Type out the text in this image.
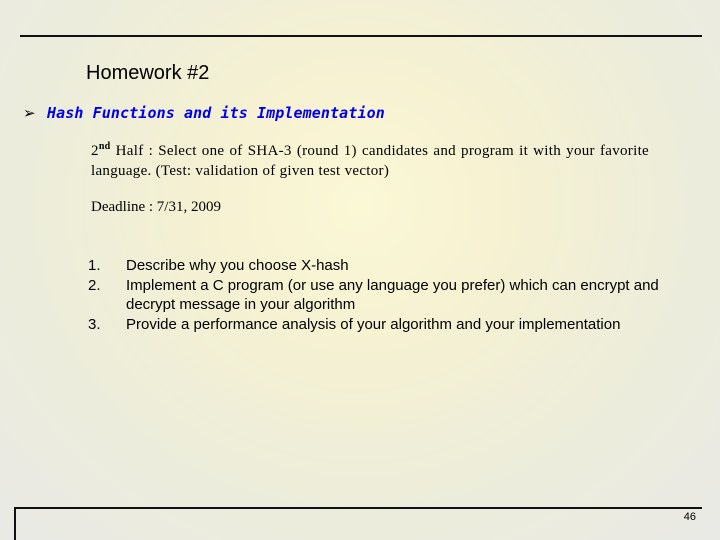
Homework #2
➢ Hash Functions and its Implementation
2nd Half : Select one of SHA-3 (round 1) candidates and program it with your favorite language. (Test: validation of given test vector)
Deadline : 7/31, 2009
1.	Describe why you choose X-hash
2.	Implement a C program (or use any language you prefer) which can encrypt and decrypt message in your algorithm
3.	Provide a performance analysis of your algorithm and your implementation
46
